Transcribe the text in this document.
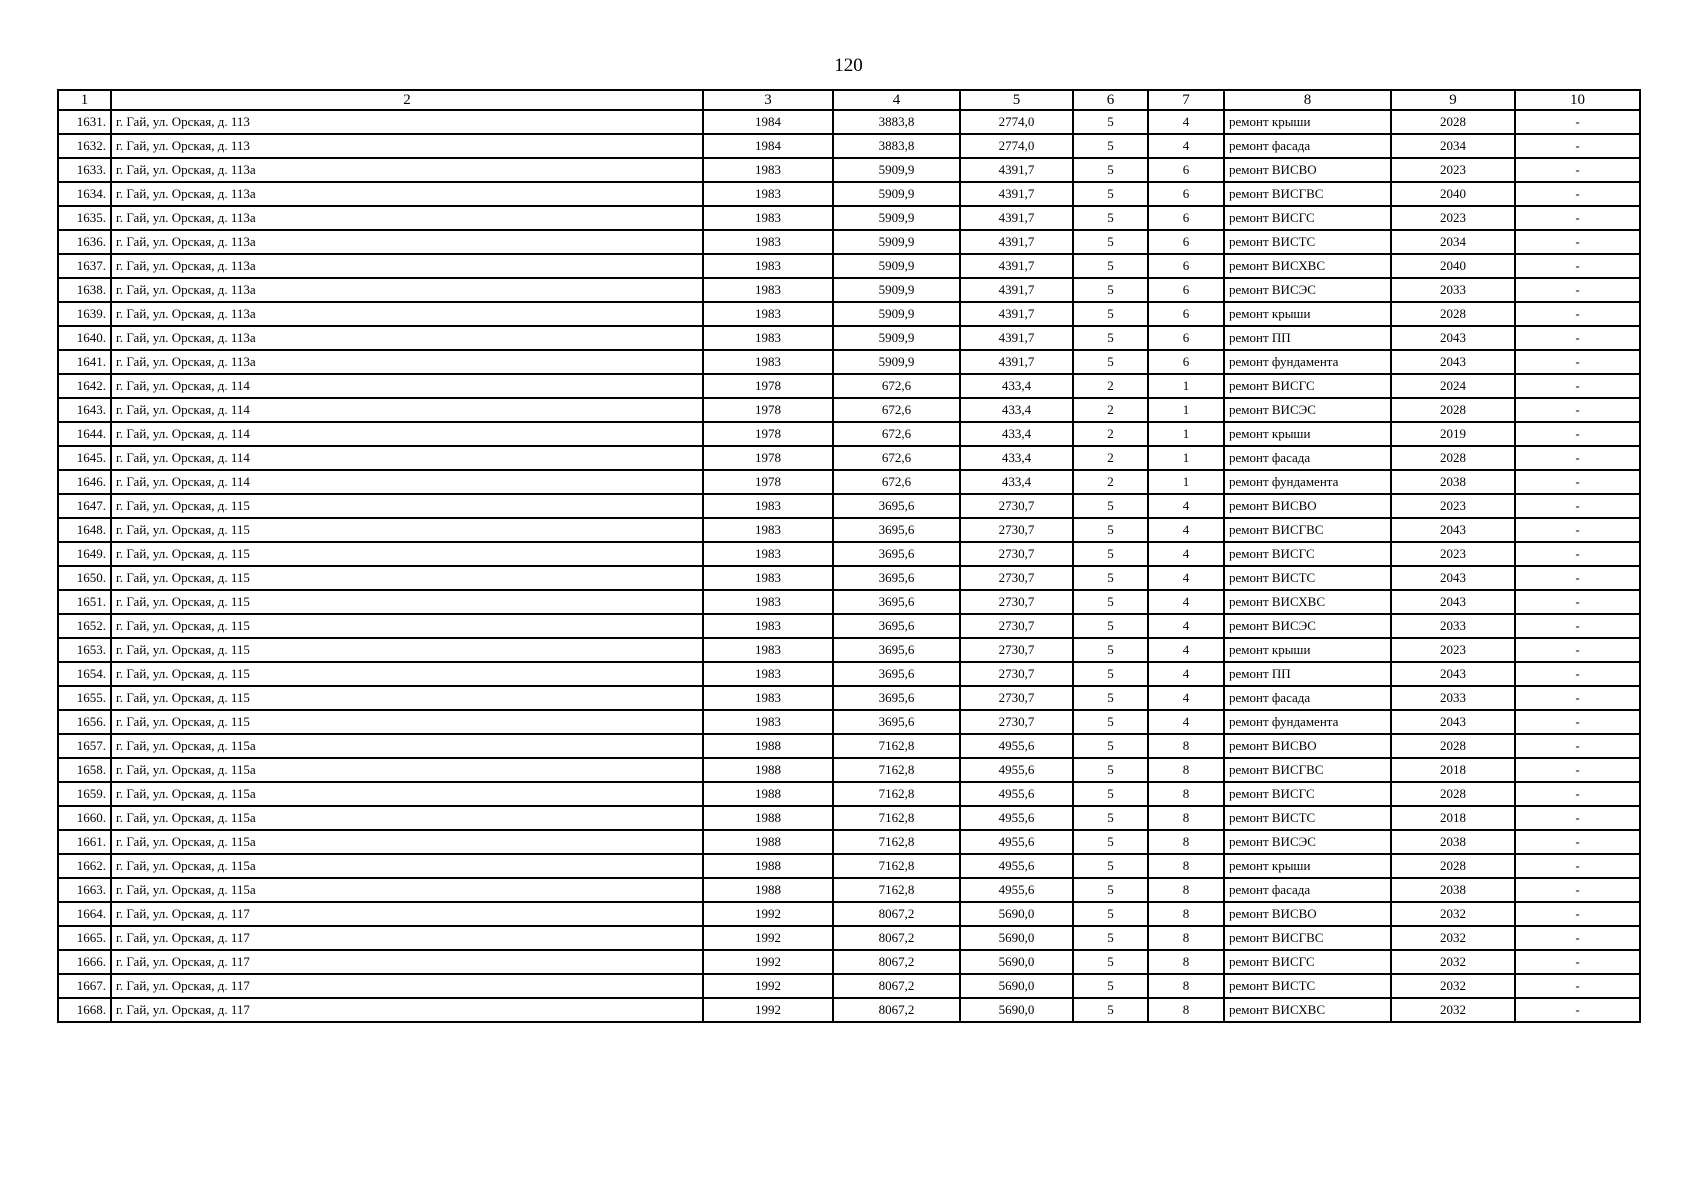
120
1	2	3	4	5	6	7	8	9	10
1631.	г. Гай, ул. Орская, д. 113	1984	3883,8	2774,0	5	4	ремонт крыши	2028	-
1632.	г. Гай, ул. Орская, д. 113	1984	3883,8	2774,0	5	4	ремонт фасада	2034	-
1633.	г. Гай, ул. Орская, д. 113а	1983	5909,9	4391,7	5	6	ремонт ВИСВО	2023	-
1634.	г. Гай, ул. Орская, д. 113а	1983	5909,9	4391,7	5	6	ремонт ВИСГВС	2040	-
1635.	г. Гай, ул. Орская, д. 113а	1983	5909,9	4391,7	5	6	ремонт ВИСГС	2023	-
1636.	г. Гай, ул. Орская, д. 113а	1983	5909,9	4391,7	5	6	ремонт ВИСТС	2034	-
1637.	г. Гай, ул. Орская, д. 113а	1983	5909,9	4391,7	5	6	ремонт ВИСХВС	2040	-
1638.	г. Гай, ул. Орская, д. 113а	1983	5909,9	4391,7	5	6	ремонт ВИСЭС	2033	-
1639.	г. Гай, ул. Орская, д. 113а	1983	5909,9	4391,7	5	6	ремонт крыши	2028	-
1640.	г. Гай, ул. Орская, д. 113а	1983	5909,9	4391,7	5	6	ремонт ПП	2043	-
1641.	г. Гай, ул. Орская, д. 113а	1983	5909,9	4391,7	5	6	ремонт фундамента	2043	-
1642.	г. Гай, ул. Орская, д. 114	1978	672,6	433,4	2	1	ремонт ВИСГС	2024	-
1643.	г. Гай, ул. Орская, д. 114	1978	672,6	433,4	2	1	ремонт ВИСЭС	2028	-
1644.	г. Гай, ул. Орская, д. 114	1978	672,6	433,4	2	1	ремонт крыши	2019	-
1645.	г. Гай, ул. Орская, д. 114	1978	672,6	433,4	2	1	ремонт фасада	2028	-
1646.	г. Гай, ул. Орская, д. 114	1978	672,6	433,4	2	1	ремонт фундамента	2038	-
1647.	г. Гай, ул. Орская, д. 115	1983	3695,6	2730,7	5	4	ремонт ВИСВО	2023	-
1648.	г. Гай, ул. Орская, д. 115	1983	3695,6	2730,7	5	4	ремонт ВИСГВС	2043	-
1649.	г. Гай, ул. Орская, д. 115	1983	3695,6	2730,7	5	4	ремонт ВИСГС	2023	-
1650.	г. Гай, ул. Орская, д. 115	1983	3695,6	2730,7	5	4	ремонт ВИСТС	2043	-
1651.	г. Гай, ул. Орская, д. 115	1983	3695,6	2730,7	5	4	ремонт ВИСХВС	2043	-
1652.	г. Гай, ул. Орская, д. 115	1983	3695,6	2730,7	5	4	ремонт ВИСЭС	2033	-
1653.	г. Гай, ул. Орская, д. 115	1983	3695,6	2730,7	5	4	ремонт крыши	2023	-
1654.	г. Гай, ул. Орская, д. 115	1983	3695,6	2730,7	5	4	ремонт ПП	2043	-
1655.	г. Гай, ул. Орская, д. 115	1983	3695,6	2730,7	5	4	ремонт фасада	2033	-
1656.	г. Гай, ул. Орская, д. 115	1983	3695,6	2730,7	5	4	ремонт фундамента	2043	-
1657.	г. Гай, ул. Орская, д. 115а	1988	7162,8	4955,6	5	8	ремонт ВИСВО	2028	-
1658.	г. Гай, ул. Орская, д. 115а	1988	7162,8	4955,6	5	8	ремонт ВИСГВС	2018	-
1659.	г. Гай, ул. Орская, д. 115а	1988	7162,8	4955,6	5	8	ремонт ВИСГС	2028	-
1660.	г. Гай, ул. Орская, д. 115а	1988	7162,8	4955,6	5	8	ремонт ВИСТС	2018	-
1661.	г. Гай, ул. Орская, д. 115а	1988	7162,8	4955,6	5	8	ремонт ВИСЭС	2038	-
1662.	г. Гай, ул. Орская, д. 115а	1988	7162,8	4955,6	5	8	ремонт крыши	2028	-
1663.	г. Гай, ул. Орская, д. 115а	1988	7162,8	4955,6	5	8	ремонт фасада	2038	-
1664.	г. Гай, ул. Орская, д. 117	1992	8067,2	5690,0	5	8	ремонт ВИСВО	2032	-
1665.	г. Гай, ул. Орская, д. 117	1992	8067,2	5690,0	5	8	ремонт ВИСГВС	2032	-
1666.	г. Гай, ул. Орская, д. 117	1992	8067,2	5690,0	5	8	ремонт ВИСГС	2032	-
1667.	г. Гай, ул. Орская, д. 117	1992	8067,2	5690,0	5	8	ремонт ВИСТС	2032	-
1668.	г. Гай, ул. Орская, д. 117	1992	8067,2	5690,0	5	8	ремонт ВИСХВС	2032	-
